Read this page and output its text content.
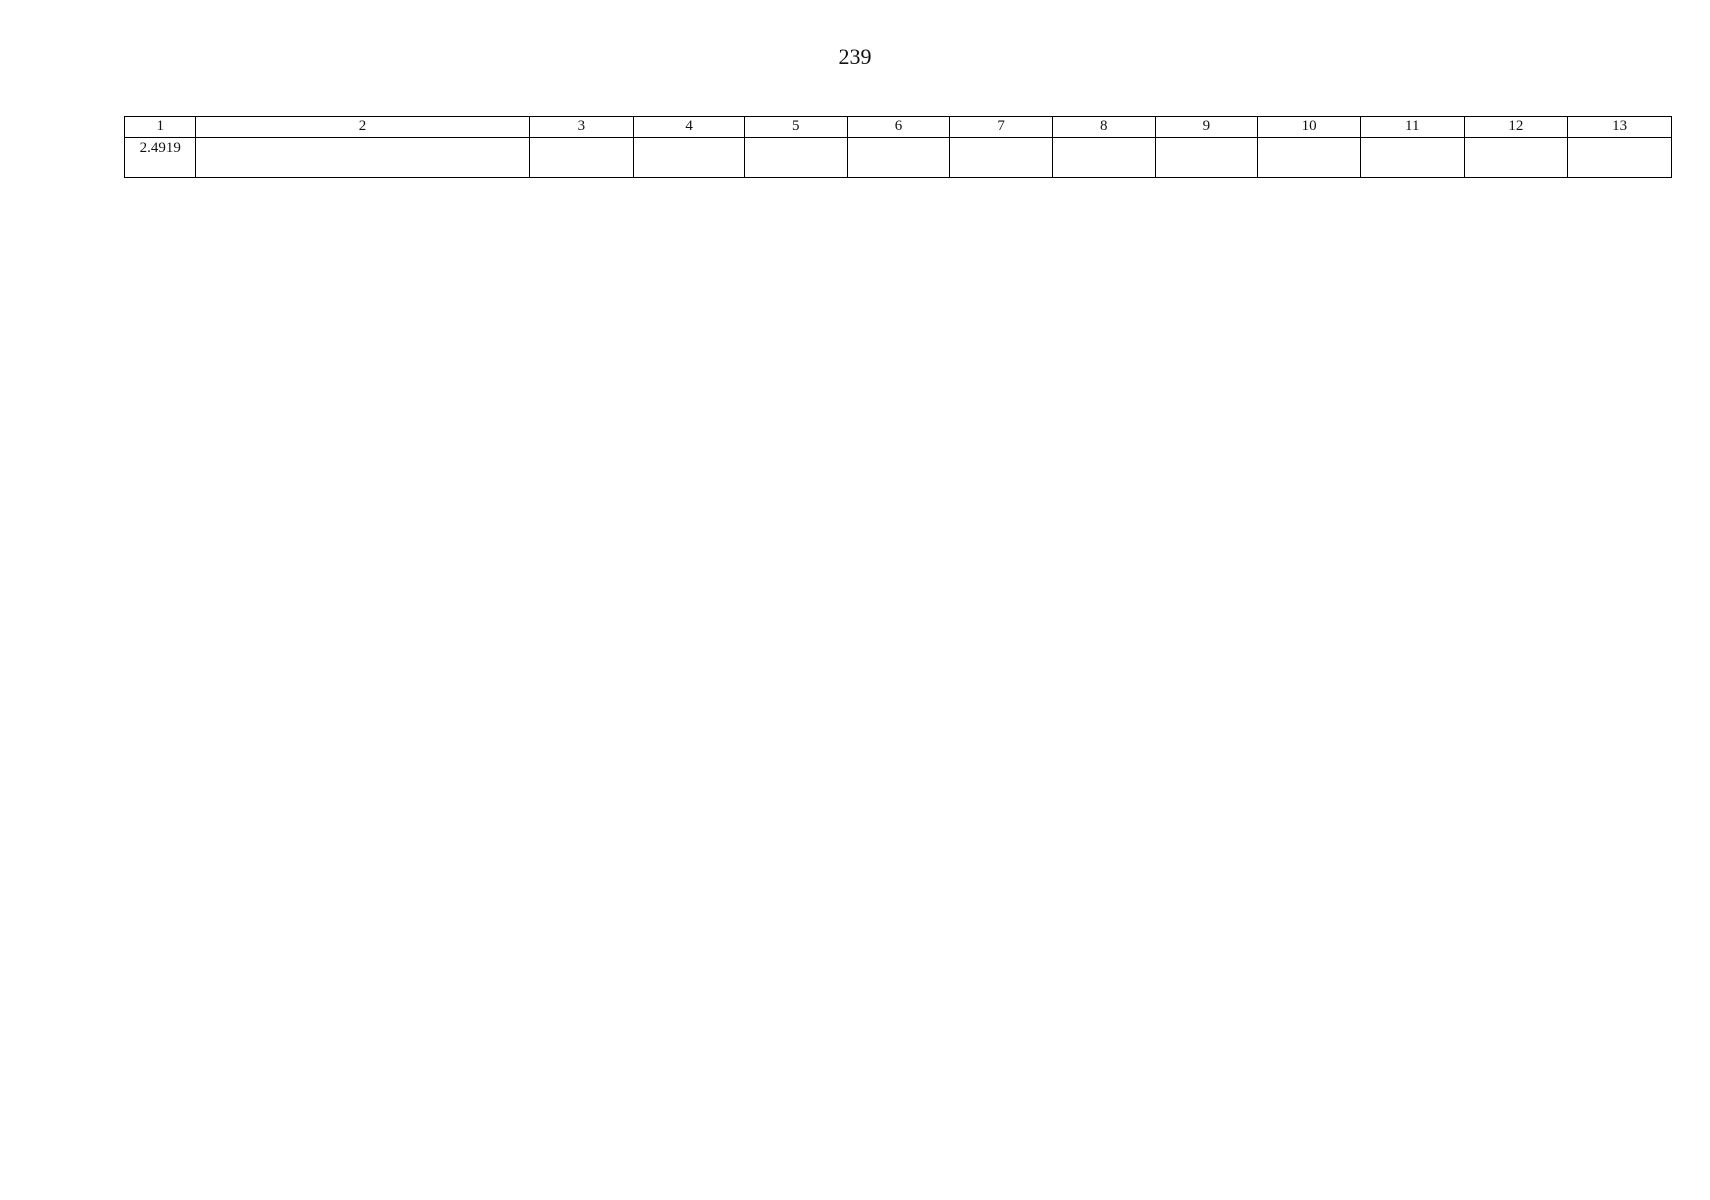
239
1	2	3	4	5	6	7	8	9	10	11	12	13
2.4919	
